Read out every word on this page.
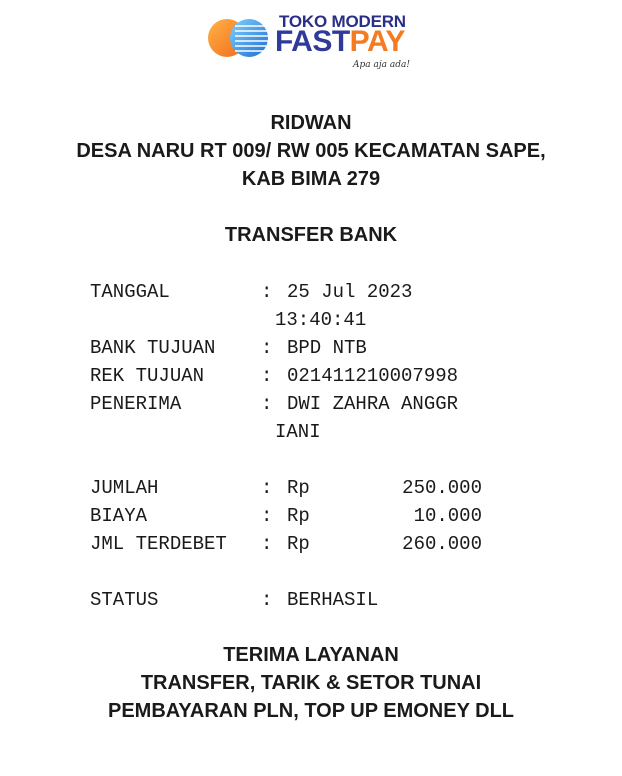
TOKO MODERN
FASTPAY
Apa aja ada!
RIDWAN
DESA NARU RT 009/ RW 005 KECAMATAN SAPE,
KAB BIMA 279
TRANSFER BANK
TANGGAL	: 25 Jul 2023
13:40:41
BANK TUJUAN : BPD NTB
REK TUJUAN	: 021411210007998
PENERIMA	: DWI ZAHRA ANGGR
IANI
JUMLAH	: Rp	250.000
BIAYA	: Rp	10.000
JML TERDEBET : Rp	260.000
STATUS	: BERHASIL
TERIMA LAYANAN
TRANSFER, TARIK & SETOR TUNAI
PEMBAYARAN PLN, TOP UP EMONEY DLL
